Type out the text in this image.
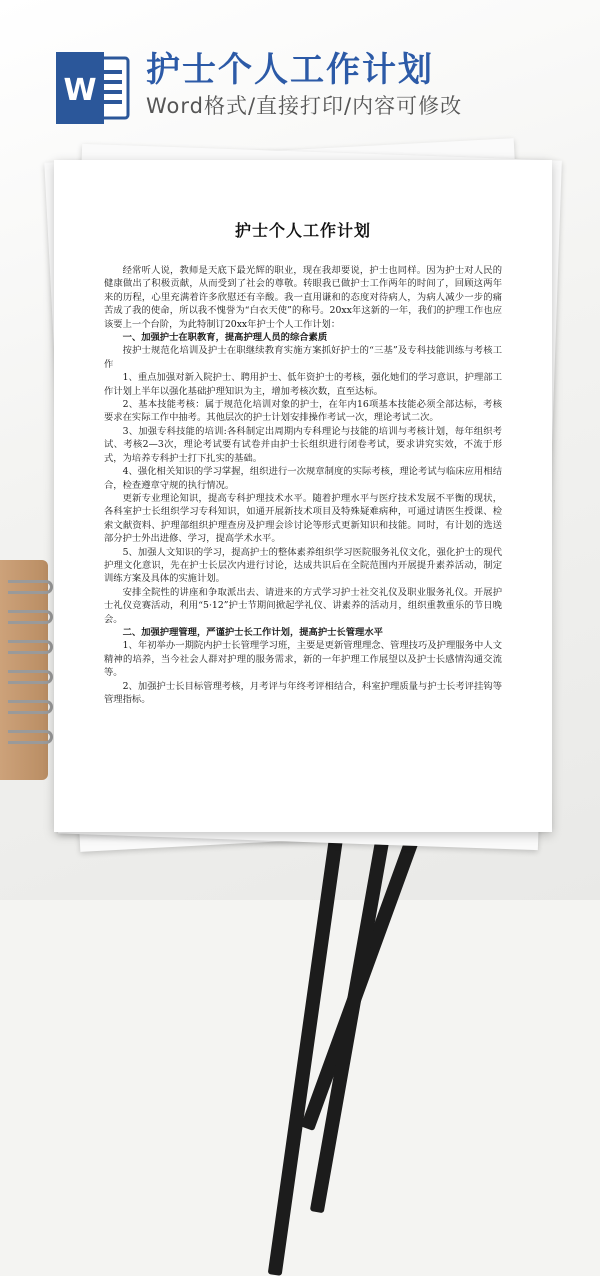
W
护士个人工作计划
Word格式/直接打印/内容可修改
护士个人工作计划

经常听人说，教师是天底下最光辉的职业，现在我却要说，护士也同样。因为护士对人民的健康做出了积极贡献，从而受到了社会的尊敬。转眼我已做护士工作两年的时间了，回顾这两年来的历程，心里充满着许多欣慰还有辛酸。我一直用谦和的态度对待病人，为病人减少一步的痛苦成了我的使命，所以我不愧誉为“白衣天使”的称号。20xx年这新的一年，我们的护理工作也应该要上一个台阶，为此特制订20xx年护士个人工作计划：

一、加强护士在职教育，提高护理人员的综合素质

按护士规范化培训及护士在职继续教育实施方案抓好护士的“三基”及专科技能训练与考核工作

1、重点加强对新入院护士、聘用护士、低年资护士的考核，强化她们的学习意识，护理部工作计划上半年以强化基础护理知识为主，增加考核次数，直至达标。

2、基本技能考核：属于规范化培训对象的护士，在年内16项基本技能必须全部达标，考核要求在实际工作中抽考。其他层次的护士计划安排操作考试一次，理论考试二次。

3、加强专科技能的培训:各科制定出周期内专科理论与技能的培训与考核计划，每年组织考试、考核2—3次，理论考试要有试卷并由护士长组织进行闭卷考试，要求讲究实效，不流于形式，为培养专科护士打下扎实的基础。

4、强化相关知识的学习掌握，组织进行一次规章制度的实际考核，理论考试与临床应用相结合，检查遵章守规的执行情况。

更新专业理论知识，提高专科护理技术水平。随着护理水平与医疗技术发展不平衡的现状，各科室护士长组织学习专科知识，如通开展新技术项目及特殊疑难病种，可通过请医生授课、检索文献资料、护理部组织护理查房及护理会诊讨论等形式更新知识和技能。同时，有计划的选送部分护士外出进修、学习，提高学术水平。

5、加强人文知识的学习，提高护士的整体素养组织学习医院服务礼仪文化，强化护士的现代护理文化意识，先在护士长层次内进行讨论，达成共识后在全院范围内开展提升素养活动，制定训练方案及具体的实施计划。

安排全院性的讲座和争取派出去、请进来的方式学习护士社交礼仪及职业服务礼仪。开展护士礼仪竞赛活动，利用“5·12”护士节期间掀起学礼仪、讲素养的活动月，组织重教重乐的节日晚会。

二、加强护理管理，严谨护士长工作计划，提高护士长管理水平

1、年初举办一期院内护士长管理学习班，主要是更新管理理念、管理技巧及护理服务中人文精神的培养，当今社会人群对护理的服务需求，新的一年护理工作展望以及护士长感情沟通交流等。

2、加强护士长目标管理考核，月考评与年终考评相结合，科室护理质量与护士长考评挂钩等管理指标。
